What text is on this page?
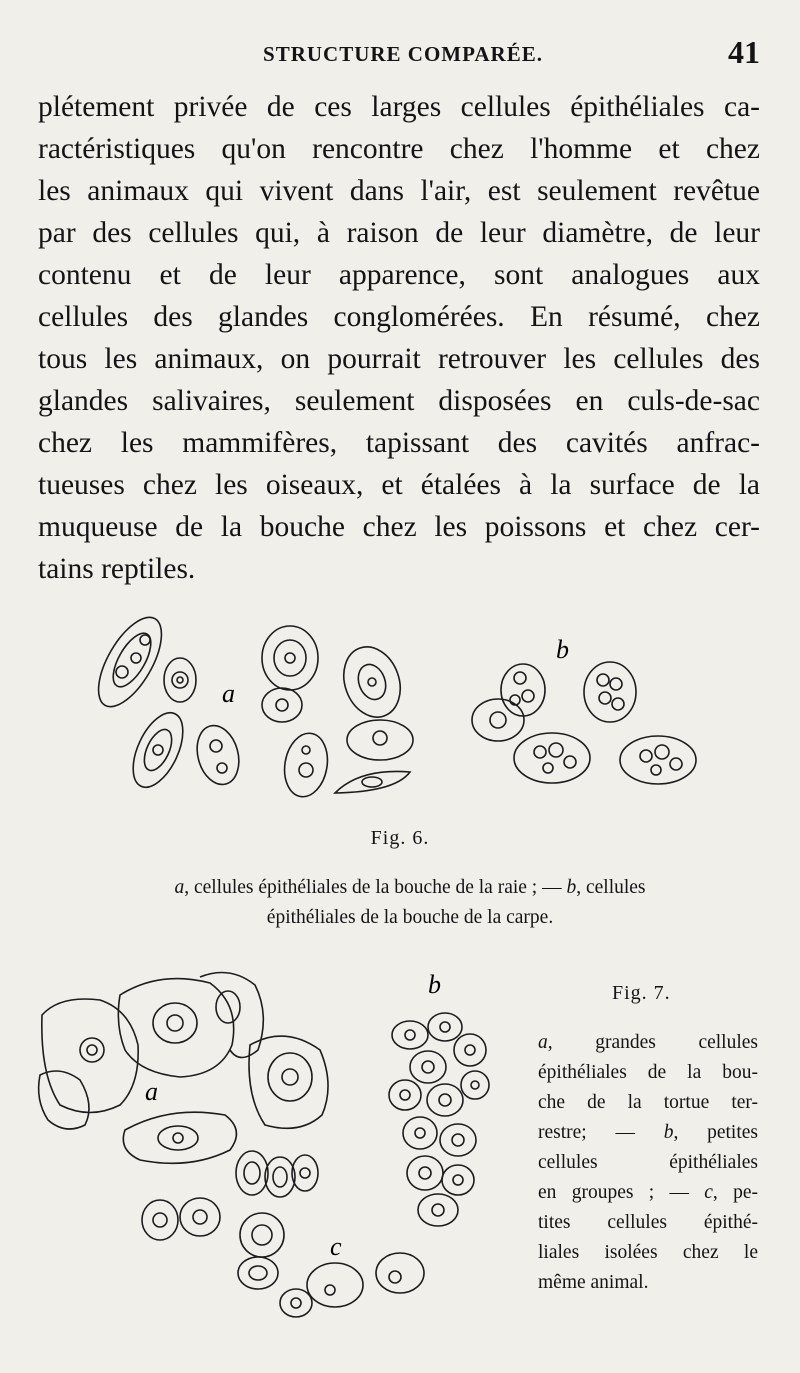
STRUCTURE COMPARÉE.	41
plétement privée de ces larges cellules épithéliales ca-
ractéristiques qu'on rencontre chez l'homme et chez
les animaux qui vivent dans l'air, est seulement revêtue
par des cellules qui, à raison de leur diamètre, de leur
contenu et de leur apparence, sont analogues aux
cellules des glandes conglomérées. En résumé, chez
tous les animaux, on pourrait retrouver les cellules des
glandes salivaires, seulement disposées en culs-de-sac
chez les mammifères, tapissant des cavités anfrac-
tueuses chez les oiseaux, et étalées à la surface de la
muqueuse de la bouche chez les poissons et chez cer-
tains reptiles.
a
b
Fig. 6.
a, cellules épithéliales de la bouche de la raie ; — b, cellules
épithéliales de la bouche de la carpe.
a
b
c
Fig. 7.
a, grandes cellules
épithéliales de la bou-
che de la tortue ter-
restre; — b, petites
cellules épithéliales
en groupes ; — c, pe-
tites cellules épithé-
liales isolées chez le
même animal.
